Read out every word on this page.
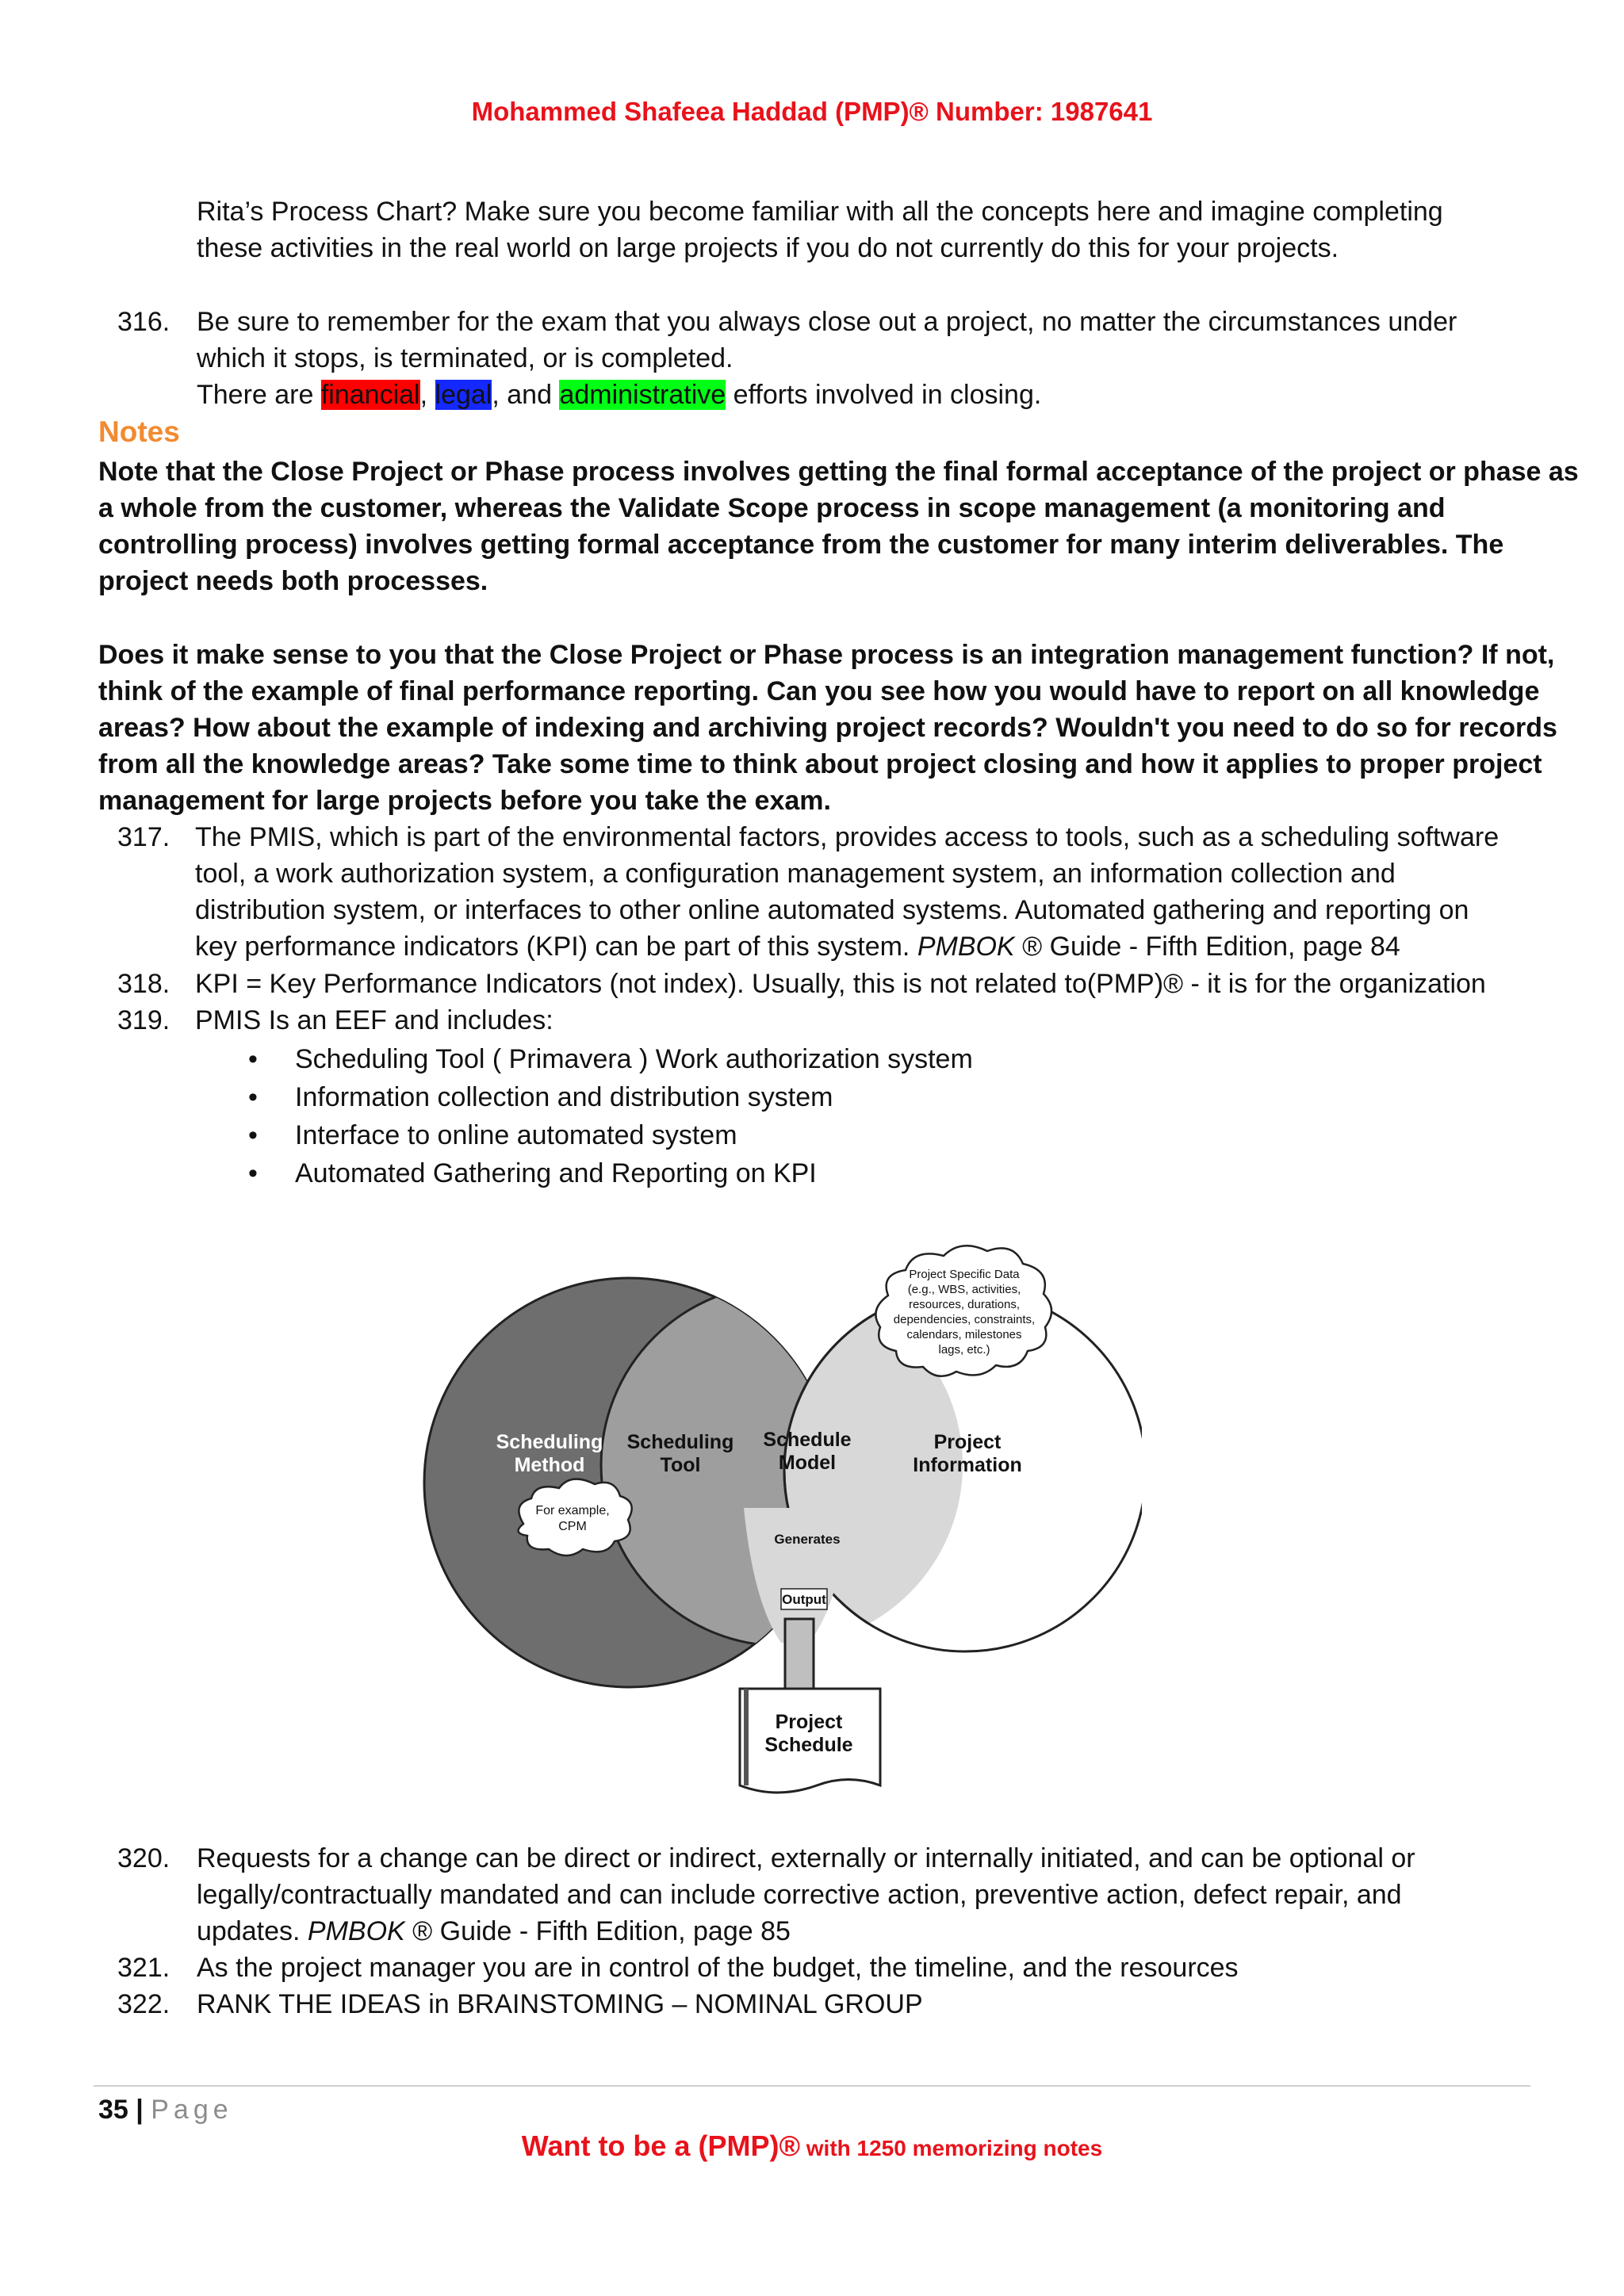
Mohammed Shafeea Haddad (PMP)® Number: 1987641
Rita’s Process Chart? Make sure you become familiar with all the concepts here and imagine completing
these activities in the real world on large projects if you do not currently do this for your projects.
316. Be sure to remember for the exam that you always close out a project, no matter the circumstances under
which it stops, is terminated, or is completed.
There are financial, legal, and administrative efforts involved in closing.
Notes
Note that the Close Project or Phase process involves getting the final formal acceptance of the project or phase as
a whole from the customer, whereas the Validate Scope process in scope management (a monitoring and
controlling process) involves getting formal acceptance from the customer for many interim deliverables. The
project needs both processes.
Does it make sense to you that the Close Project or Phase process is an integration management function? If not,
think of the example of final performance reporting. Can you see how you would have to report on all knowledge
areas? How about the example of indexing and archiving project records? Wouldn't you need to do so for records
from all the knowledge areas? Take some time to think about project closing and how it applies to proper project
management for large projects before you take the exam.
317. The PMIS, which is part of the environmental factors, provides access to tools, such as a scheduling software
tool, a work authorization system, a configuration management system, an information collection and
distribution system, or interfaces to other online automated systems. Automated gathering and reporting on
key performance indicators (KPI) can be part of this system. PMBOK ® Guide - Fifth Edition, page 84
318. KPI = Key Performance Indicators (not index). Usually, this is not related to(PMP)® - it is for the organization
319. PMIS Is an EEF and includes:
• Scheduling Tool ( Primavera ) Work authorization system
• Information collection and distribution system
• Interface to online automated system
• Automated Gathering and Reporting on KPI
Scheduling
Method
Scheduling
Tool
Schedule
Model
Project
Information
For example,
CPM
Project Specific Data
(e.g., WBS, activities,
resources, durations,
dependencies, constraints,
calendars, milestones
lags, etc.)
Generates
Output
Project
Schedule
320. Requests for a change can be direct or indirect, externally or internally initiated, and can be optional or
legally/contractually mandated and can include corrective action, preventive action, defect repair, and
updates. PMBOK ® Guide - Fifth Edition, page 85
321. As the project manager you are in control of the budget, the timeline, and the resources
322. RANK THE IDEAS in BRAINSTOMING – NOMINAL GROUP
35 | Page
Want to be a (PMP)® with 1250 memorizing notes
